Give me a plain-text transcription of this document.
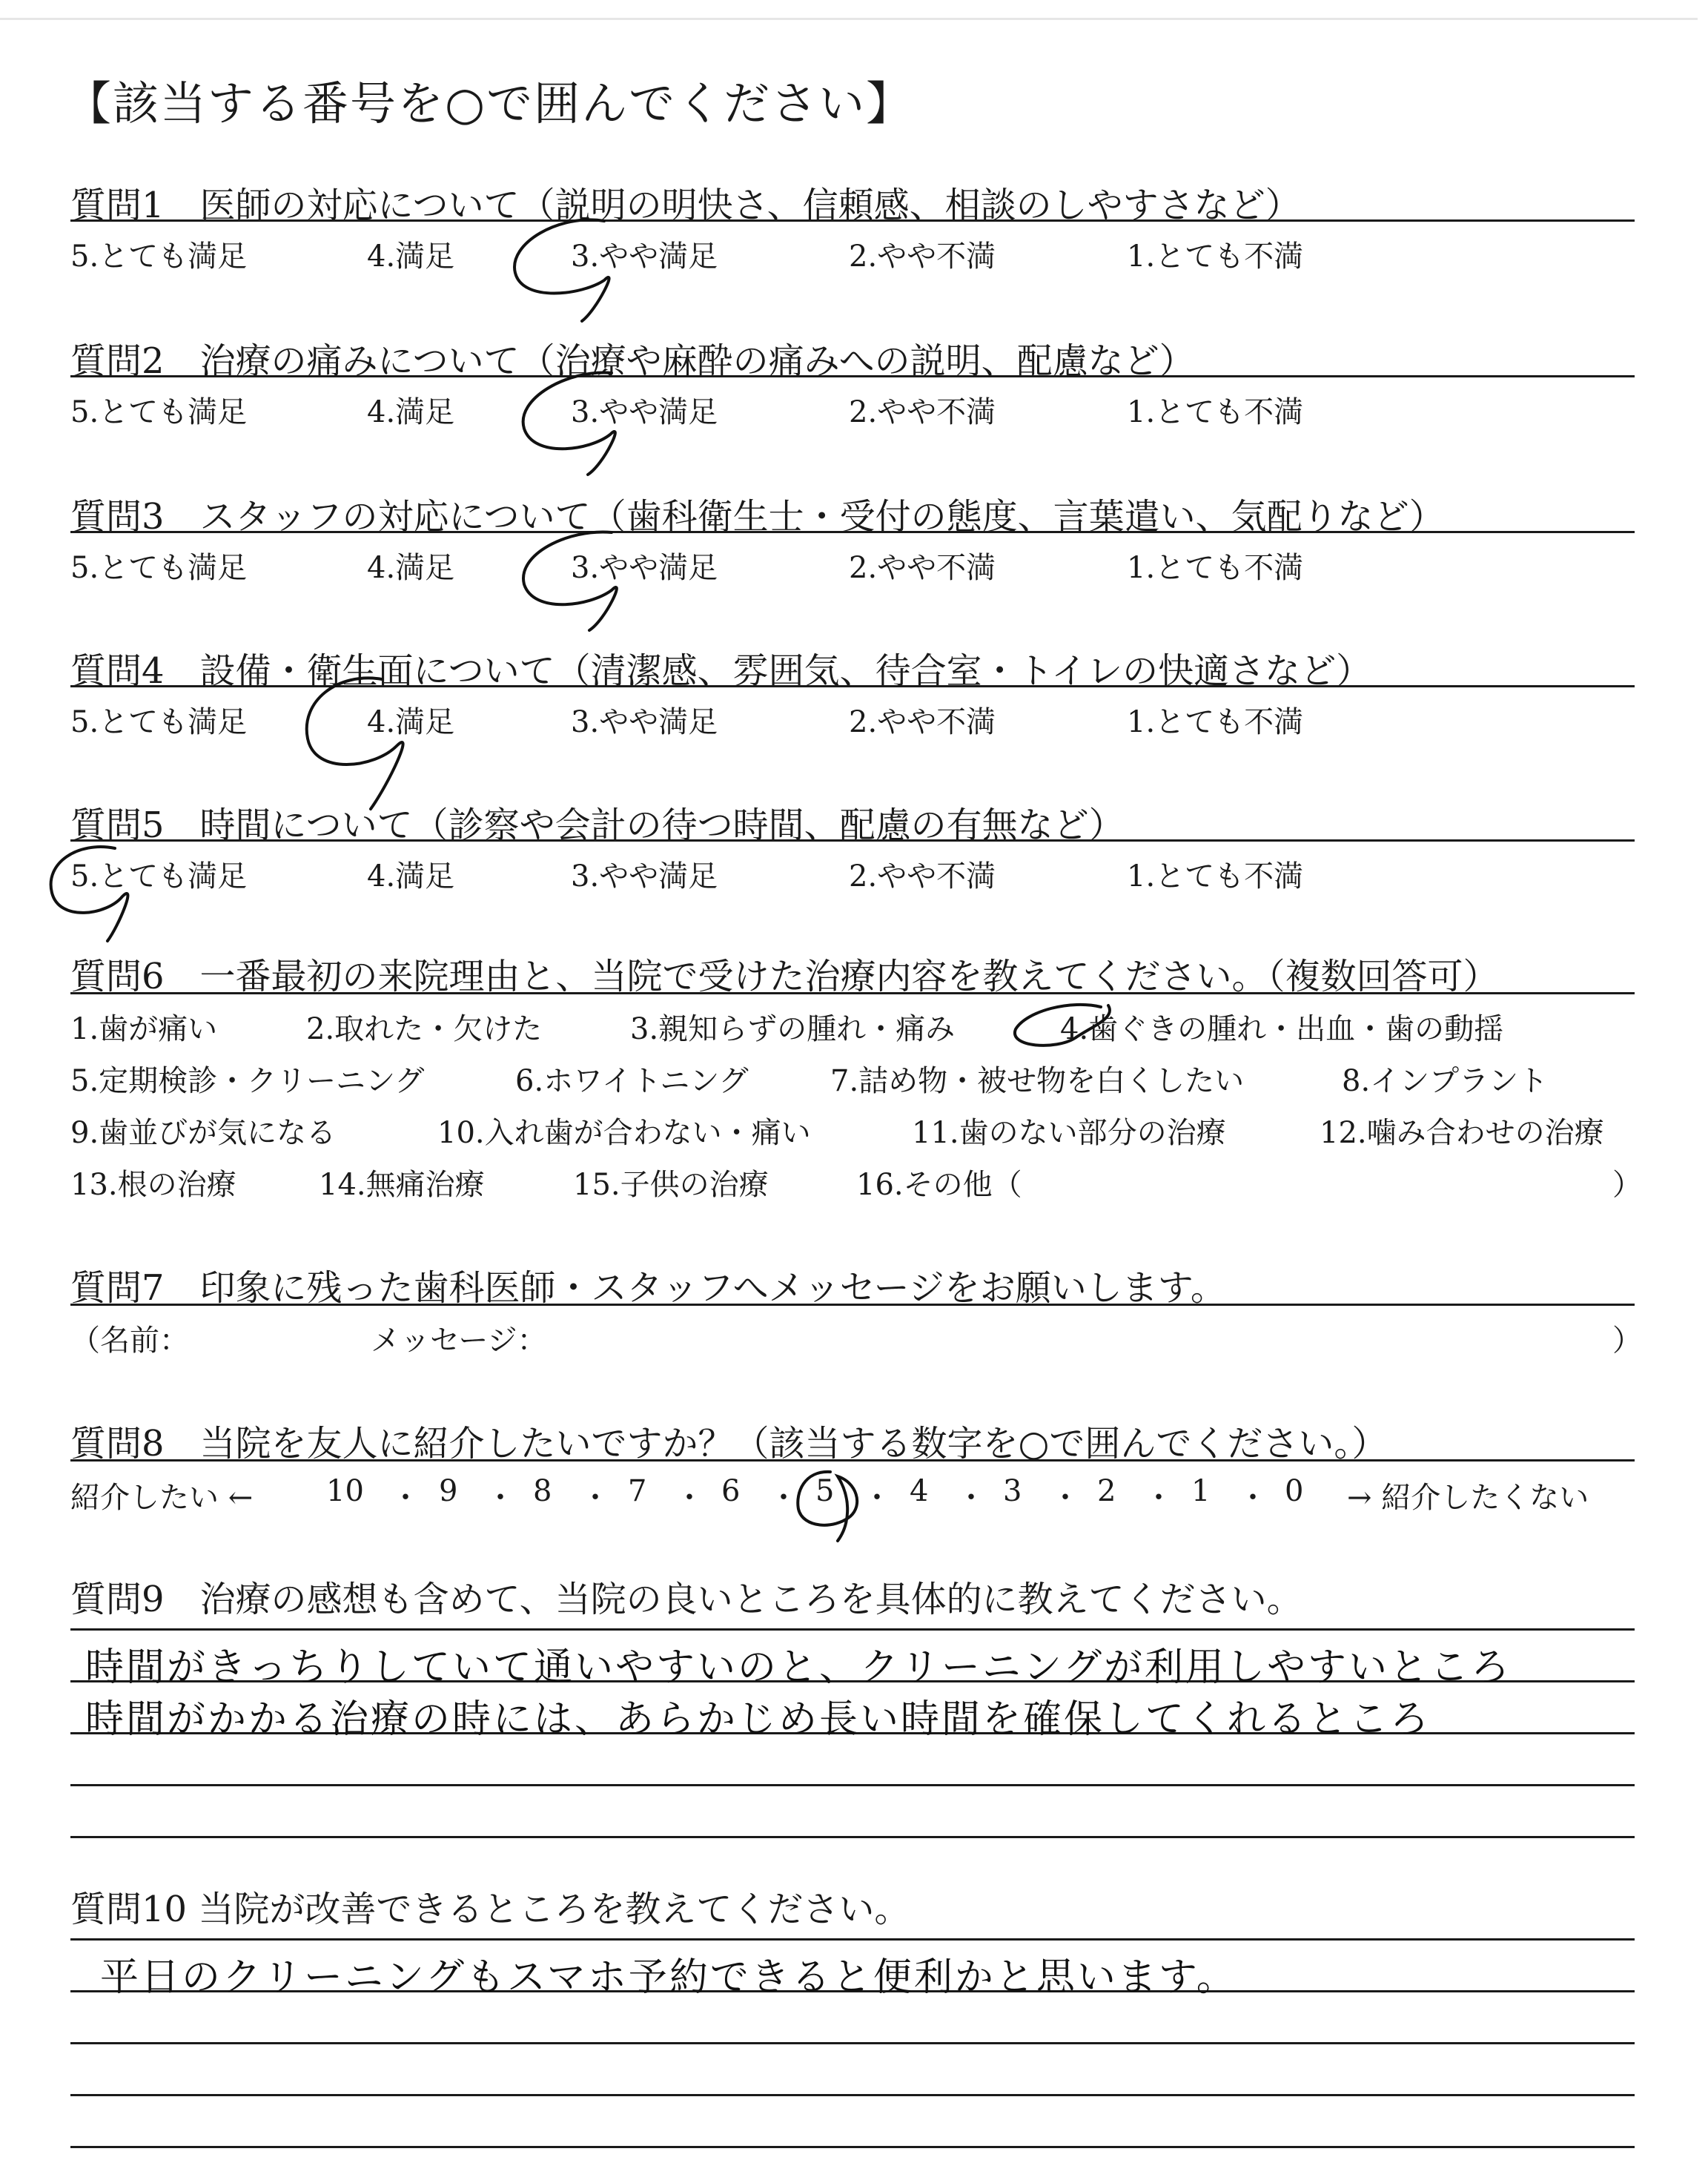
【該当する番号を○で囲んでください】
質問1　医師の対応について（説明の明快さ、信頼感、相談のしやすさなど）
5.とても満足	4.満足	3.やや満足	2.やや不満	1.とても不満
質問2　治療の痛みについて（治療や麻酔の痛みへの説明、配慮など）
5.とても満足	4.満足	3.やや満足	2.やや不満	1.とても不満
質問3　スタッフの対応について（歯科衛生士・受付の態度、言葉遣い、気配りなど）
5.とても満足	4.満足	3.やや満足	2.やや不満	1.とても不満
質問4　設備・衛生面について（清潔感、雰囲気、待合室・トイレの快適さなど）
5.とても満足	4.満足	3.やや満足	2.やや不満	1.とても不満
質問5　時間について（診察や会計の待つ時間、配慮の有無など）
5.とても満足	4.満足	3.やや満足	2.やや不満	1.とても不満
質問6　一番最初の来院理由と、当院で受けた治療内容を教えてください。（複数回答可）
1.歯が痛い	2.取れた・欠けた	3.親知らずの腫れ・痛み	4.歯ぐきの腫れ・出血・歯の動揺
5.定期検診・クリーニング	6.ホワイトニング	7.詰め物・被せ物を白くしたい	8.インプラント
9.歯並びが気になる	10.入れ歯が合わない・痛い	11.歯のない部分の治療	12.噛み合わせの治療
13.根の治療	14.無痛治療	15.子供の治療	16.その他（	）
質問7　印象に残った歯科医師・スタッフへメッセージをお願いします。
（名前：	メッセージ：	）
質問8　当院を友人に紹介したいですか？（該当する数字を○で囲んでください。）
紹介したい ← 10 ・ 9 ・ 8 ・ 7 ・ 6 ・ 5 ・ 4 ・ 3 ・ 2 ・ 1 ・ 0 → 紹介したくない
質問9　治療の感想も含めて、当院の良いところを具体的に教えてください。
時間がきっちりしていて通いやすいのと、クリーニングが利用しやすいところ
時間がかかる治療の時には、あらかじめ長い時間を確保してくれるところ
質問10 当院が改善できるところを教えてください。
平日のクリーニングもスマホ予約できると便利かと思います。
